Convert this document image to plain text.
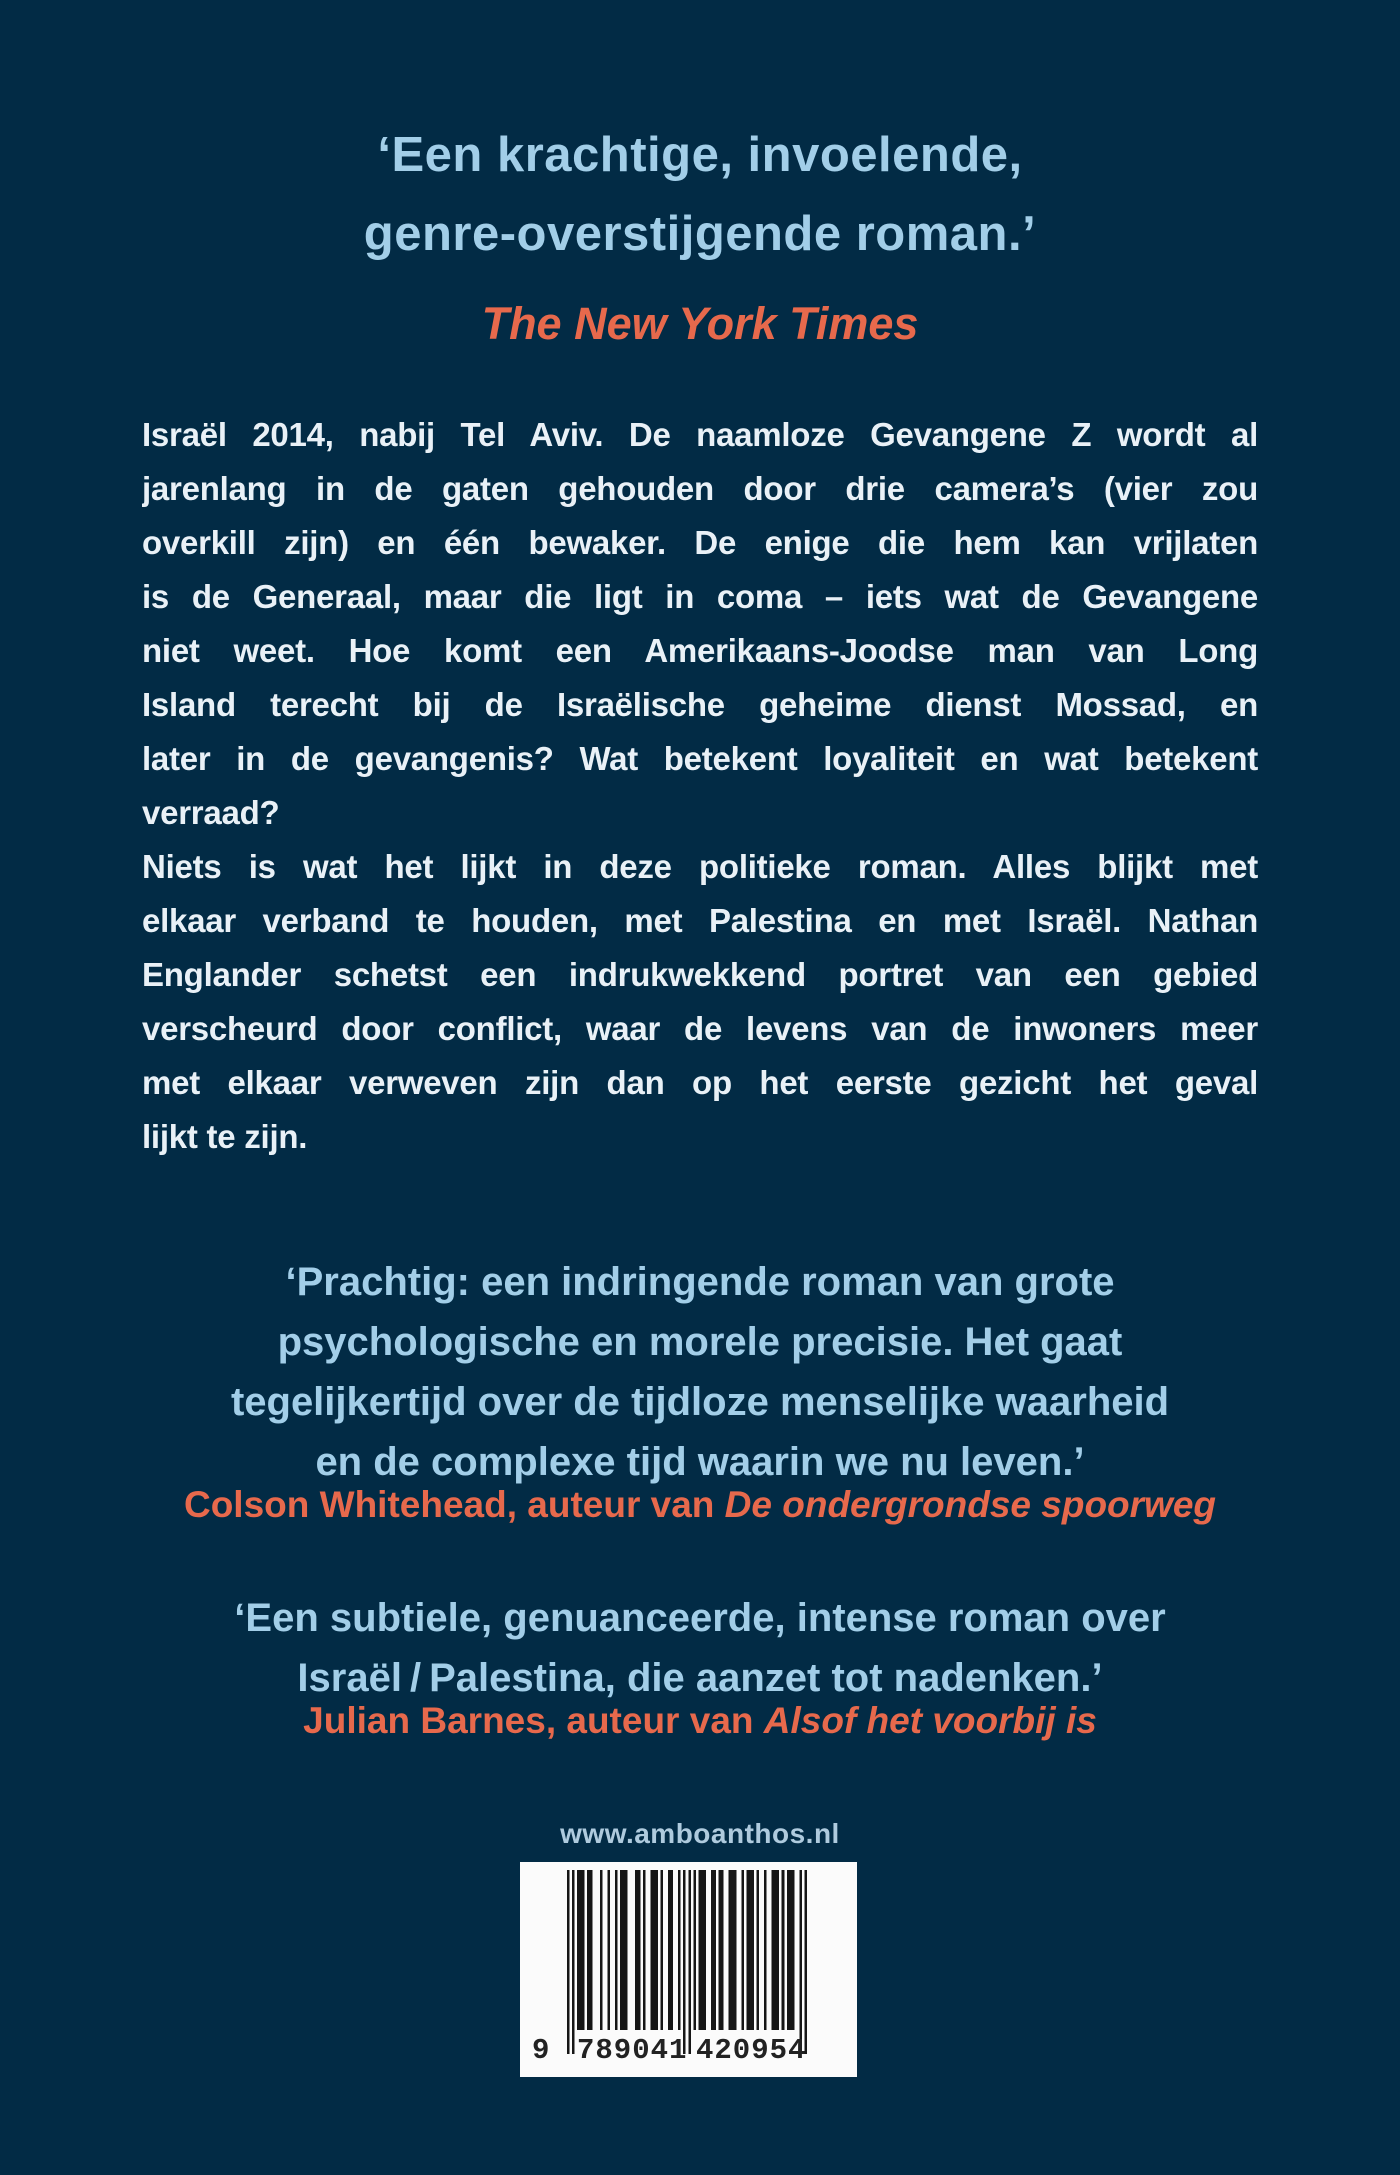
‘Een krachtige, invoelende,
genre-overstijgende roman.’
The New York Times
Israël 2014, nabij Tel Aviv. De naamloze Gevangene Z wordt al
jarenlang in de gaten gehouden door drie camera’s (vier zou
overkill zijn) en één bewaker. De enige die hem kan vrijlaten
is de Generaal, maar die ligt in coma – iets wat de Gevangene
niet weet. Hoe komt een Amerikaans-Joodse man van Long
Island terecht bij de Israëlische geheime dienst Mossad, en
later in de gevangenis? Wat betekent loyaliteit en wat betekent
verraad?
Niets is wat het lijkt in deze politieke roman. Alles blijkt met
elkaar verband te houden, met Palestina en met Israël. Nathan
Englander schetst een indrukwekkend portret van een gebied
verscheurd door conflict, waar de levens van de inwoners meer
met elkaar verweven zijn dan op het eerste gezicht het geval
lijkt te zijn.
‘Prachtig: een indringende roman van grote
psychologische en morele precisie. Het gaat
tegelijkertijd over de tijdloze menselijke waarheid
en de complexe tijd waarin we nu leven.’
Colson Whitehead, auteur van De ondergrondse spoorweg
‘Een subtiele, genuanceerde, intense roman over
Israël / Palestina, die aanzet tot nadenken.’
Julian Barnes, auteur van Alsof het voorbij is
www.amboanthos.nl
9 789041 420954
